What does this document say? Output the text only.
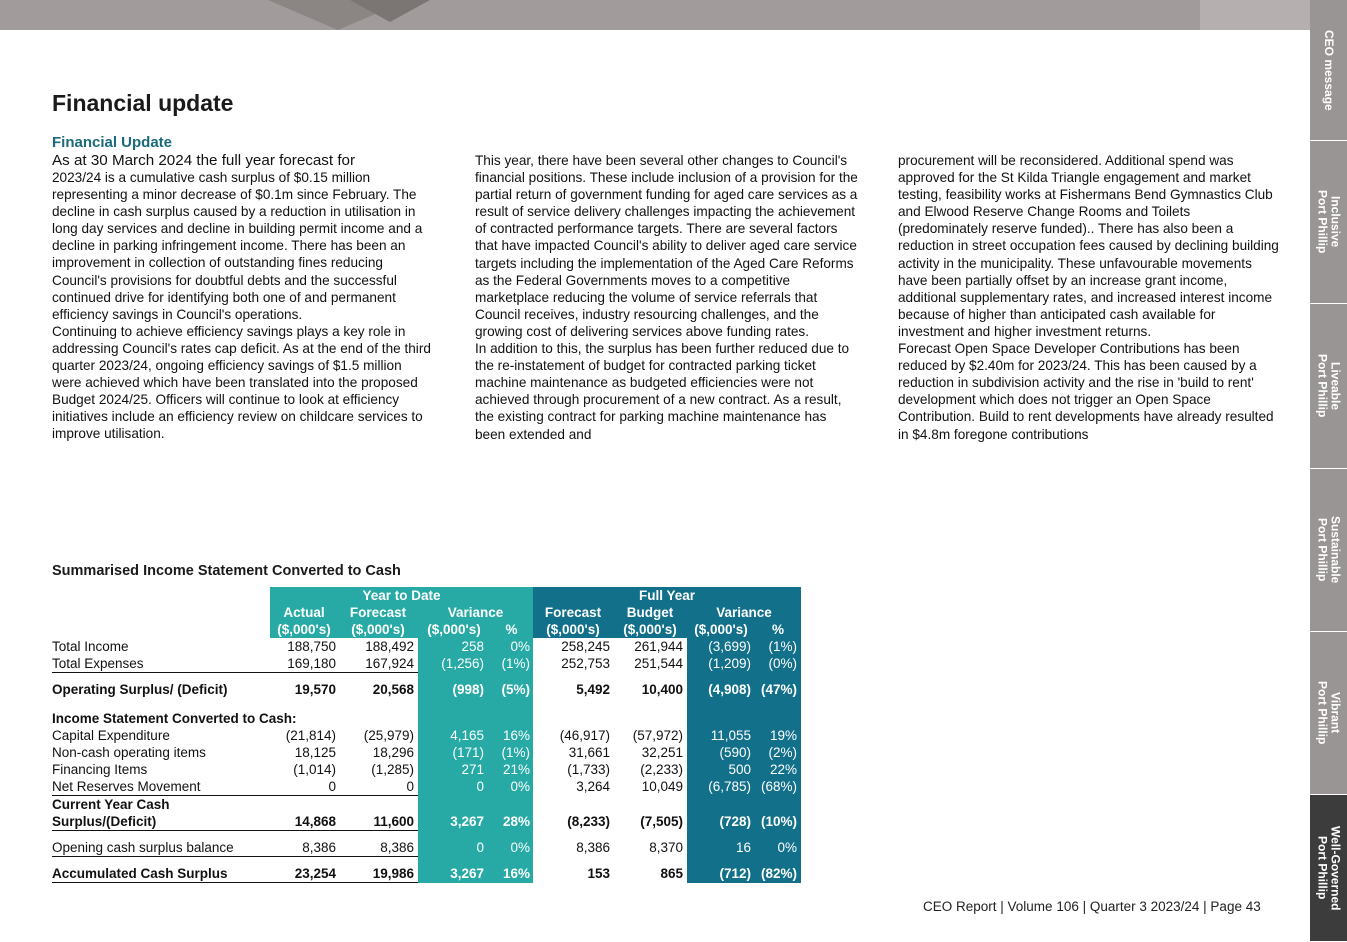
CEO message
Inclusive
Port Phillip
Liveable
Port Phillip
Sustainable
Port Phillip
Vibrant
Port Phillip
Well-Governed
Port Phillip
Financial update
Financial Update

As at 30 March 2024 the full year forecast for

2023/24 is a cumulative cash surplus of $0.15 million representing a minor decrease of $0.1m since February. The decline in cash surplus caused by a reduction in utilisation in long day services and decline in building permit income and a decline in parking infringement income. There has been an improvement in collection of outstanding fines reducing Council's provisions for doubtful debts and the successful continued drive for identifying both one of and permanent efficiency savings in Council's operations.

Continuing to achieve efficiency savings plays a key role in addressing Council's rates cap deficit. As at the end of the third quarter 2023/24, ongoing efficiency savings of $1.5 million were achieved which have been translated into the proposed Budget 2024/25. Officers will continue to look at efficiency initiatives include an efficiency review on childcare services to improve utilisation.

This year, there have been several other changes to Council's financial positions. These include inclusion of a provision for the partial return of government funding for aged care services as a result of service delivery challenges impacting the achievement of contracted performance targets. There are several factors that have impacted Council's ability to deliver aged care service targets including the implementation of the Aged Care Reforms as the Federal Governments moves to a competitive marketplace reducing the volume of service referrals that Council receives, industry resourcing challenges, and the growing cost of delivering services above funding rates.

In addition to this, the surplus has been further reduced due to the re-instatement of budget for contracted parking ticket machine maintenance as budgeted efficiencies were not achieved through procurement of a new contract. As a result, the existing contract for parking machine maintenance has been extended and

procurement will be reconsidered. Additional spend was approved for the St Kilda Triangle engagement and market testing, feasibility works at Fishermans Bend Gymnastics Club and Elwood Reserve Change Rooms and Toilets (predominately reserve funded).. There has also been a reduction in street occupation fees caused by declining building activity in the municipality. These unfavourable movements have been partially offset by an increase grant income, additional supplementary rates, and increased interest income because of higher than anticipated cash available for investment and higher investment returns.

Forecast Open Space Developer Contributions has been reduced by $2.40m for 2023/24. This has been caused by a reduction in subdivision activity and the rise in 'build to rent' development which does not trigger an Open Space Contribution. Build to rent developments have already resulted in $4.8m foregone contributions

Summarised Income Statement Converted to Cash
	Year to Date				Full Year			
	Actual	Forecast	Variance		Forecast	Budget	Variance	
	($,000's)	($,000's)	($,000's)	%	($,000's)	($,000's)	($,000's)	%
Total Income	188,750	188,492	258	0%	258,245	261,944	(3,699)	(1%)
Total Expenses	169,180	167,924	(1,256)	(1%)	252,753	251,544	(1,209)	(0%)

Operating Surplus/ (Deficit)	19,570	20,568	(998)	(5%)	5,492	10,400	(4,908)	(47%)

Income Statement Converted to Cash:								
Capital Expenditure	(21,814)	(25,979)	4,165	16%	(46,917)	(57,972)	11,055	19%
Non-cash operating items	18,125	18,296	(171)	(1%)	31,661	32,251	(590)	(2%)
Financing Items	(1,014)	(1,285)	271	21%	(1,733)	(2,233)	500	22%
Net Reserves Movement	0	0	0	0%	3,264	10,049	(6,785)	(68%)
Current Year Cash								
Surplus/(Deficit)	14,868	11,600	3,267	28%	(8,233)	(7,505)	(728)	(10%)

Opening cash surplus balance	8,386	8,386	0	0%	8,386	8,370	16	0%

Accumulated Cash Surplus	23,254	19,986	3,267	16%	153	865	(712)	(82%)
CEO Report | Volume 106 | Quarter 3 2023/24 | Page 43
